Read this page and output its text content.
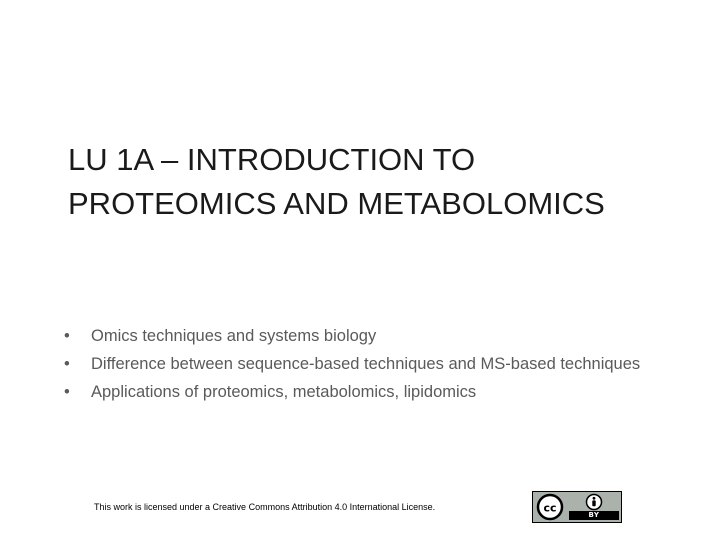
LU 1A – INTRODUCTION TO
PROTEOMICS AND METABOLOMICS
• Omics techniques and systems biology
• Difference between sequence-based techniques and MS-based techniques
• Applications of proteomics, metabolomics, lipidomics
This work is licensed under a Creative Commons Attribution 4.0 International License.	cc
BY
